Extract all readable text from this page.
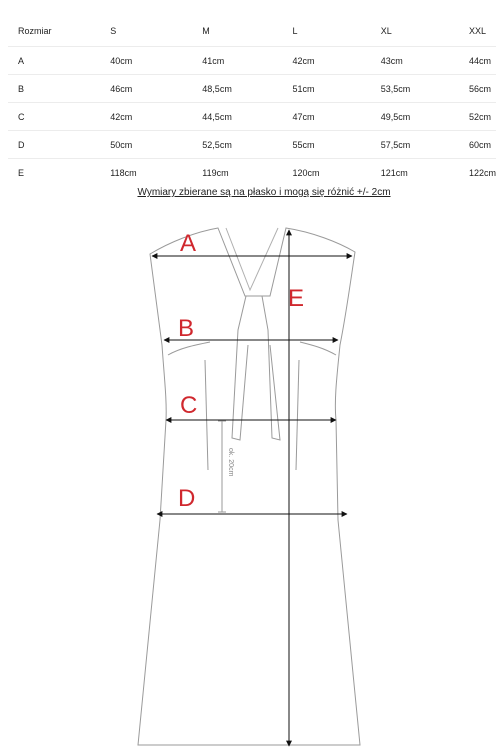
Rozmiar	S	M	L	XL	XXL
A	40cm	41cm	42cm	43cm	44cm
B	46cm	48,5cm	51cm	53,5cm	56cm
C	42cm	44,5cm	47cm	49,5cm	52cm
D	50cm	52,5cm	55cm	57,5cm	60cm
E	118cm	119cm	120cm	121cm	122cm
Wymiary zbierane są na płasko i mogą się różnić +/- 2cm
ok. 20cm
A
B
C
D
E
